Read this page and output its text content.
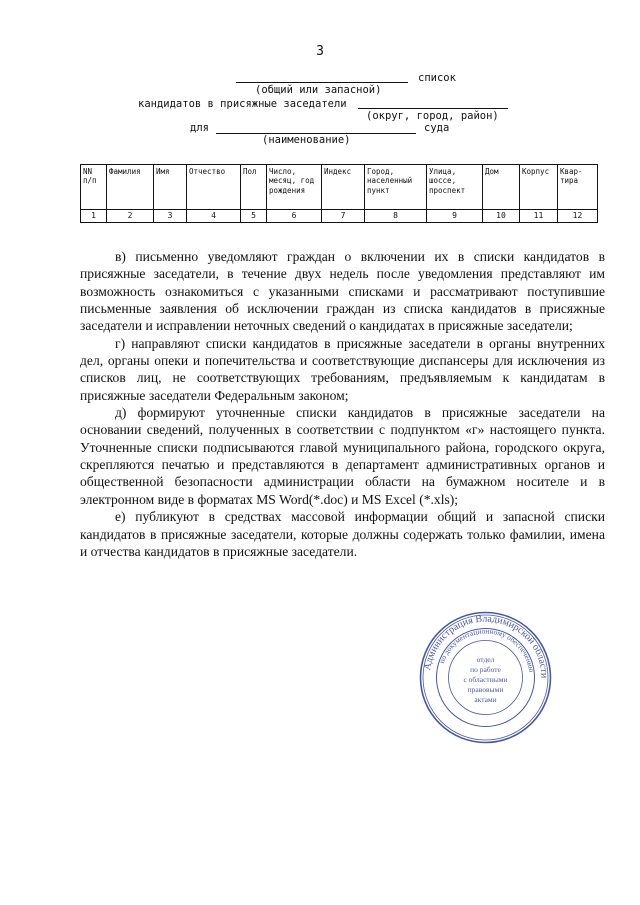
3
список
(общий или запасной)
кандидатов в присяжные заседатели
(округ, город, район)
для	суда
(наименование)
NN п/п	Фамилия	Имя	Отчество	Пол	Число, месяц, год рождения	Индекс	Город, населенный пункт	Улица, шоссе, проспект	Дом	Корпус	Квар-тира
1	2	3	4	5	6	7	8	9	10	11	12

в) письменно уведомляют граждан о включении их в списки кандидатов в присяжные заседатели, в течение двух недель после уведомления представляют им возможность ознакомиться с указанными списками и рассматривают поступившие письменные заявления об исключении граждан из списка кандидатов в присяжные заседатели и исправлении неточных сведений о кандидатах в присяжные заседатели;

г) направляют списки кандидатов в присяжные заседатели в органы внутренних дел, органы опеки и попечительства и соответствующие диспансеры для исключения из списков лиц, не соответствующих требованиям, предъявляемым к кандидатам в присяжные заседатели Федеральным законом;

д) формируют уточненные списки кандидатов в присяжные заседатели на основании сведений, полученных в соответствии с подпунктом «г» настоящего пункта. Уточненные списки подписываются главой муниципального района, городского округа, скрепляются печатью и представляются в департамент административных органов и общественной безопасности администрации области на бумажном носителе и в электронном виде в форматах MS Word(*.doc) и MS Excel (*.xls);

е) публикуют в средствах массовой информации общий и запасной списки кандидатов в присяжные заседатели, которые должны содержать только фамилии, имена и отчества кандидатов в присяжные заседатели.

Администрация Владимирской области
по документационному обеспечению
отдел
по работе
с областными
правовыми
актами
